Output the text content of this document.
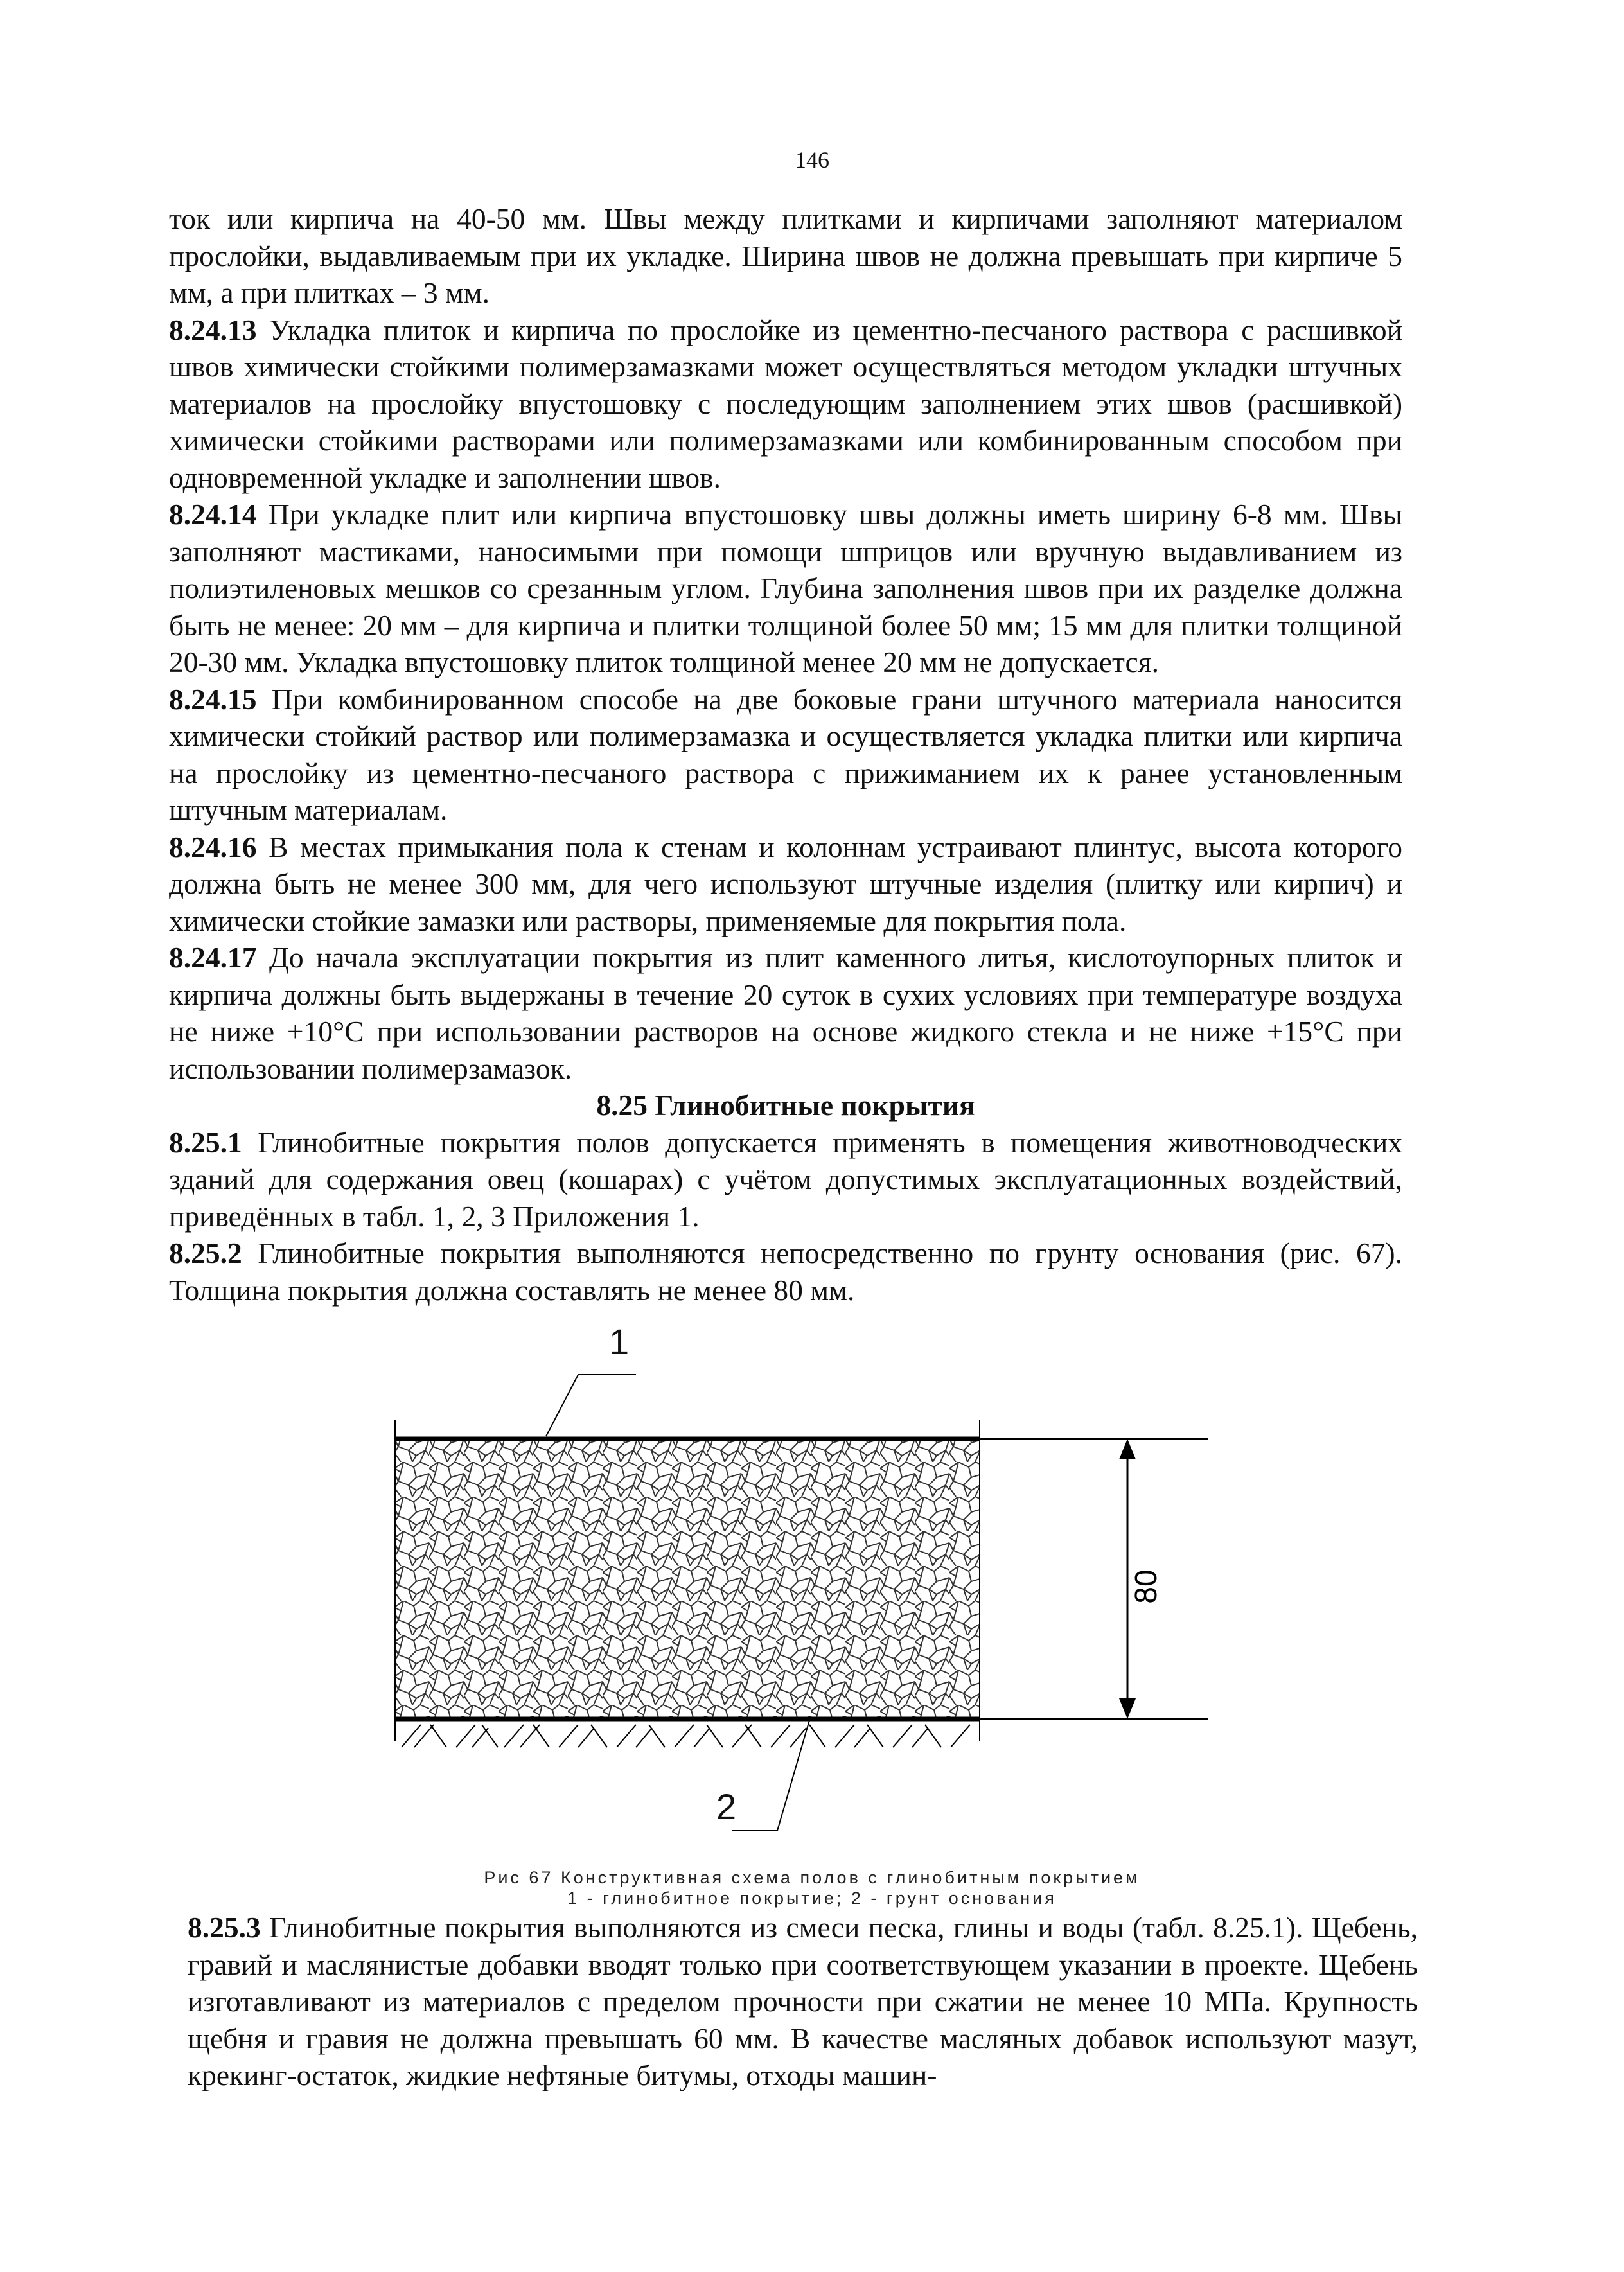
146

ток или кирпича на 40-50 мм. Швы между плитками и кирпичами заполняют материалом прослойки, выдавливаемым при их укладке. Ширина швов не должна превышать при кирпиче 5 мм, а при плитках – 3 мм.

8.24.13 Укладка плиток и кирпича по прослойке из цементно-песчаного раствора с расшивкой швов химически стойкими полимерзамазками может осуществляться методом укладки штучных материалов на прослойку впустошовку с последующим заполнением этих швов (расшивкой) химически стойкими растворами или полимерзамазками или комбинированным способом при одновременной укладке и заполнении швов.

8.24.14 При укладке плит или кирпича впустошовку швы должны иметь ширину 6-8 мм. Швы заполняют мастиками, наносимыми при помощи шприцов или вручную выдавливанием из полиэтиленовых мешков со срезанным углом. Глубина заполнения швов при их разделке должна быть не менее: 20 мм – для кирпича и плитки толщиной более 50 мм; 15 мм для плитки толщиной 20-30 мм. Укладка впустошовку плиток толщиной менее 20 мм не допускается.

8.24.15 При комбинированном способе на две боковые грани штучного материала наносится химически стойкий раствор или полимерзамазка и осуществляется укладка плитки или кирпича на прослойку из цементно-песчаного раствора с прижиманием их к ранее установленным штучным материалам.

8.24.16 В местах примыкания пола к стенам и колоннам устраивают плинтус, высота которого должна быть не менее 300 мм, для чего используют штучные изделия (плитку или кирпич) и химически стойкие замазки или растворы, применяемые для покрытия пола.

8.24.17 До начала эксплуатации покрытия из плит каменного литья, кислотоупорных плиток и кирпича должны быть выдержаны в течение 20 суток в сухих условиях при температуре воздуха не ниже +10°С при использовании растворов на основе жидкого стекла и не ниже +15°С при использовании полимерзамазок.

8.25 Глинобитные покрытия

8.25.1 Глинобитные покрытия полов допускается применять в помещения животноводческих зданий для содержания овец (кошарах) с учётом допустимых эксплуатационных воздействий, приведённых в табл. 1, 2, 3 Приложения 1.

8.25.2 Глинобитные покрытия выполняются непосредственно по грунту основания (рис. 67). Толщина покрытия должна составлять не менее 80 мм.

80
1
2
Рис 67 Конструктивная схема полов с глинобитным покрытием
1 - глинобитное покрытие; 2 - грунт основания

8.25.3 Глинобитные покрытия выполняются из смеси песка, глины и воды (табл. 8.25.1). Щебень, гравий и маслянистые добавки вводят только при соответствующем указании в проекте. Щебень изготавливают из материалов с пределом прочности при сжатии не менее 10 МПа. Крупность щебня и гравия не должна превышать 60 мм. В качестве масляных добавок используют мазут, крекинг-остаток, жидкие нефтяные битумы, отходы машин-
